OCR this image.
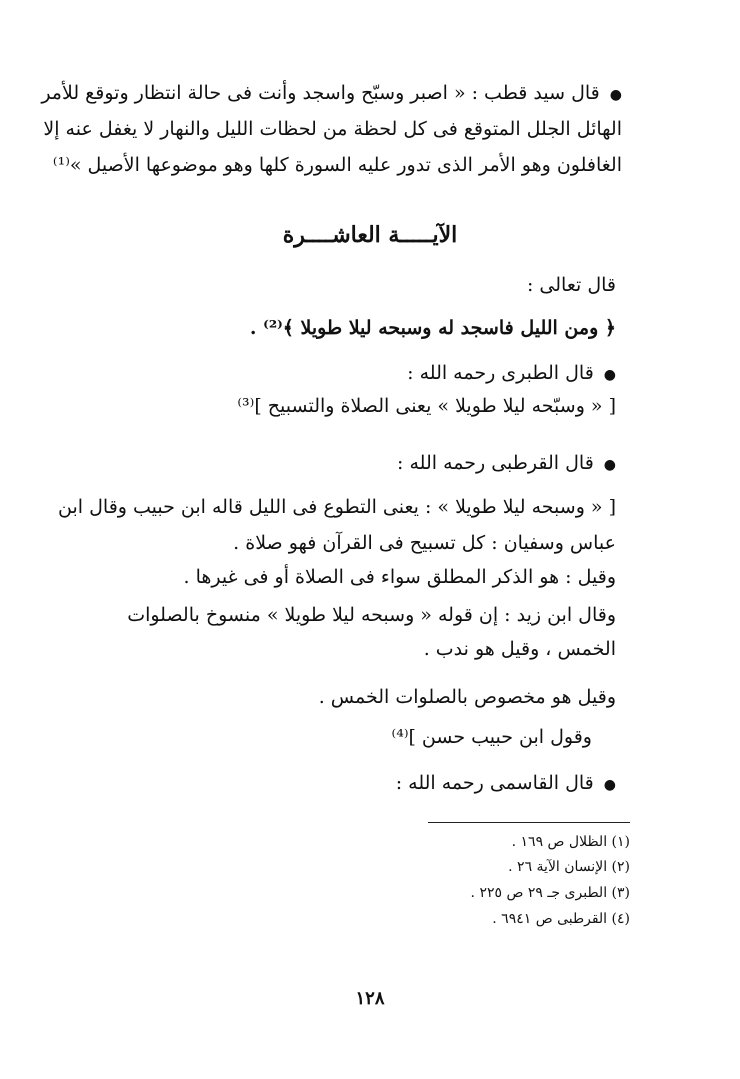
●قال سيد قطب : « اصبر وسبّح واسجد وأنت فى حالة انتظار وتوقع للأمر
الهائل الجلل المتوقع فى كل لحظة من لحظات الليل والنهار لا يغفل عنه إلا
الغافلون وهو الأمر الذى تدور عليه السورة كلها وهو موضوعها الأصيل »⁽¹⁾
الآيـــــة العاشــــرة
قال تعالى :
﴿ ومن الليل فاسجد له وسبحه ليلا طويلا ﴾⁽²⁾ .
●قال الطبرى رحمه الله :
[ « وسبّحه ليلا طويلا » يعنى الصلاة والتسبيح ]⁽³⁾
●قال القرطبى رحمه الله :
[ « وسبحه ليلا طويلا » : يعنى التطوع فى الليل قاله ابن حبيب وقال ابن
عباس وسفيان : كل تسبيح فى القرآن فهو صلاة .
وقيل : هو الذكر المطلق سواء فى الصلاة أو فى غيرها .
وقال ابن زيد : إن قوله « وسبحه ليلا طويلا » منسوخ بالصلوات
الخمس ، وقيل هو ندب .
وقيل هو مخصوص بالصلوات الخمس .
وقول ابن حبيب حسن ]⁽⁴⁾
●قال القاسمى رحمه الله :
(١) الظلال ص ١٦٩ .
(٢) الإنسان الآية ٢٦ .
(٣) الطبرى جـ ٢٩ ص ٢٢٥ .
(٤) القرطبى ص ٦٩٤١ .
١٢٨
